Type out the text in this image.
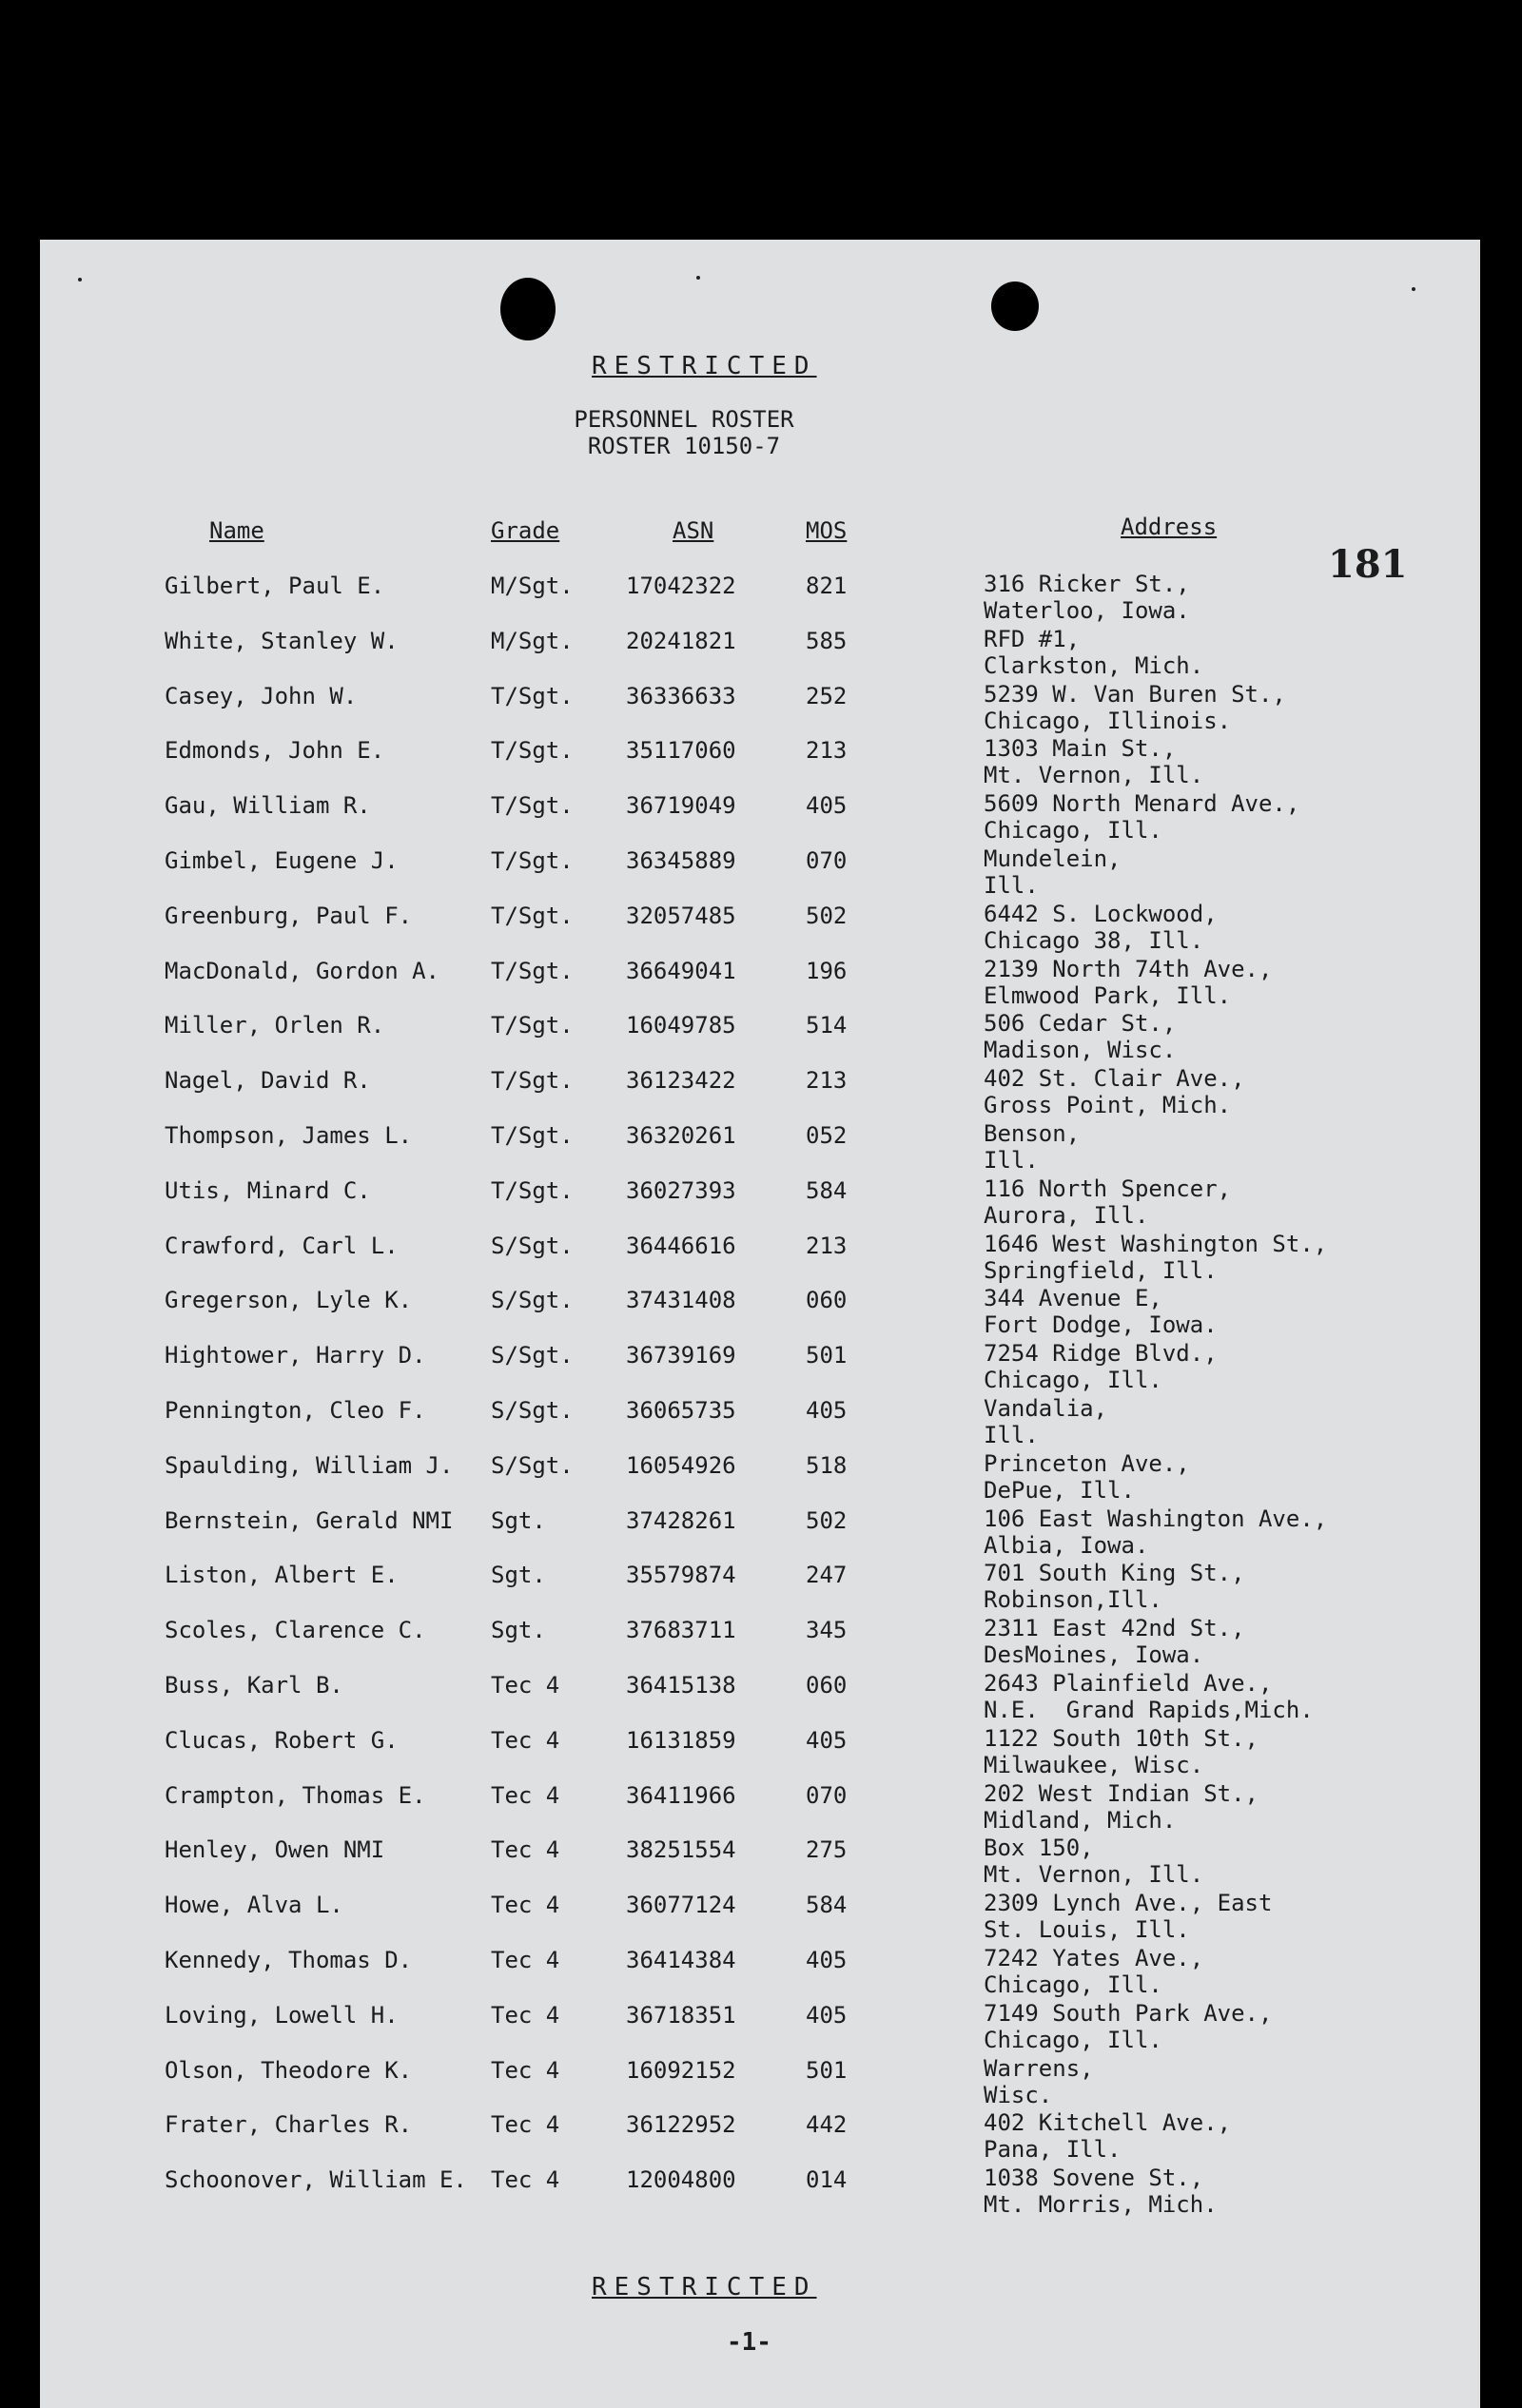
RESTRICTED
PERSONNEL ROSTER
ROSTER 10150-7
181
Name	Grade	ASN	MOS	Address
Gilbert, Paul E.	M/Sgt. 17042322	821	316 Ricker St.,
Waterloo, Iowa.
White, Stanley W.	M/Sgt. 20241821	585	RFD #1,
Clarkston, Mich.
Casey, John W.	T/Sgt. 36336633	252	5239 W. Van Buren St.,
Chicago, Illinois.
Edmonds, John E.	T/Sgt. 35117060	213	1303 Main St.,
Mt. Vernon, Ill.
Gau, William R.	T/Sgt. 36719049	405	5609 North Menard Ave.,
Chicago, Ill.
Gimbel, Eugene J.	T/Sgt. 36345889	070	Mundelein,
Ill.
Greenburg, Paul F.	T/Sgt. 32057485	502	6442 S. Lockwood,
Chicago 38, Ill.
MacDonald, Gordon A. T/Sgt. 36649041	196	2139 North 74th Ave.,
Elmwood Park, Ill.
Miller, Orlen R.	T/Sgt. 16049785	514	506 Cedar St.,
Madison, Wisc.
Nagel, David R.	T/Sgt. 36123422	213	402 St. Clair Ave.,
Gross Point, Mich.
Thompson, James L.	T/Sgt. 36320261	052	Benson,
Ill.
Utis, Minard C.	T/Sgt. 36027393	584	116 North Spencer,
Aurora, Ill.
Crawford, Carl L.	S/Sgt. 36446616	213	1646 West Washington St.,
Springfield, Ill.
Gregerson, Lyle K.	S/Sgt. 37431408	060	344 Avenue E,
Fort Dodge, Iowa.
Hightower, Harry D.	S/Sgt. 36739169	501	7254 Ridge Blvd.,
Chicago, Ill.
Pennington, Cleo F.	S/Sgt. 36065735	405	Vandalia,
Ill.
Spaulding, William J. S/Sgt. 16054926	518	Princeton Ave.,
DePue, Ill.
Bernstein, Gerald NMI Sgt.	37428261	502	106 East Washington Ave.,
Albia, Iowa.
Liston, Albert E.	Sgt.	35579874	247	701 South King St.,
Robinson,Ill.
Scoles, Clarence C.	Sgt.	37683711	345	2311 East 42nd St.,
DesMoines, Iowa.
Buss, Karl B.	Tec 4	36415138	060	2643 Plainfield Ave.,
N.E.  Grand Rapids,Mich.
Clucas, Robert G.	Tec 4	16131859	405	1122 South 10th St.,
Milwaukee, Wisc.
Crampton, Thomas E.	Tec 4	36411966	070	202 West Indian St.,
Midland, Mich.
Henley, Owen NMI	Tec 4	38251554	275	Box 150,
Mt. Vernon, Ill.
Howe, Alva L.	Tec 4	36077124	584	2309 Lynch Ave., East
St. Louis, Ill.
Kennedy, Thomas D.	Tec 4	36414384	405	7242 Yates Ave.,
Chicago, Ill.
Loving, Lowell H.	Tec 4	36718351	405	7149 South Park Ave.,
Chicago, Ill.
Olson, Theodore K.	Tec 4	16092152	501	Warrens,
Wisc.
Frater, Charles R.	Tec 4	36122952	442	402 Kitchell Ave.,
Pana, Ill.
Schoonover, William E. Tec 4	12004800	014	1038 Sovene St.,
Mt. Morris, Mich.
RESTRICTED
-1-
